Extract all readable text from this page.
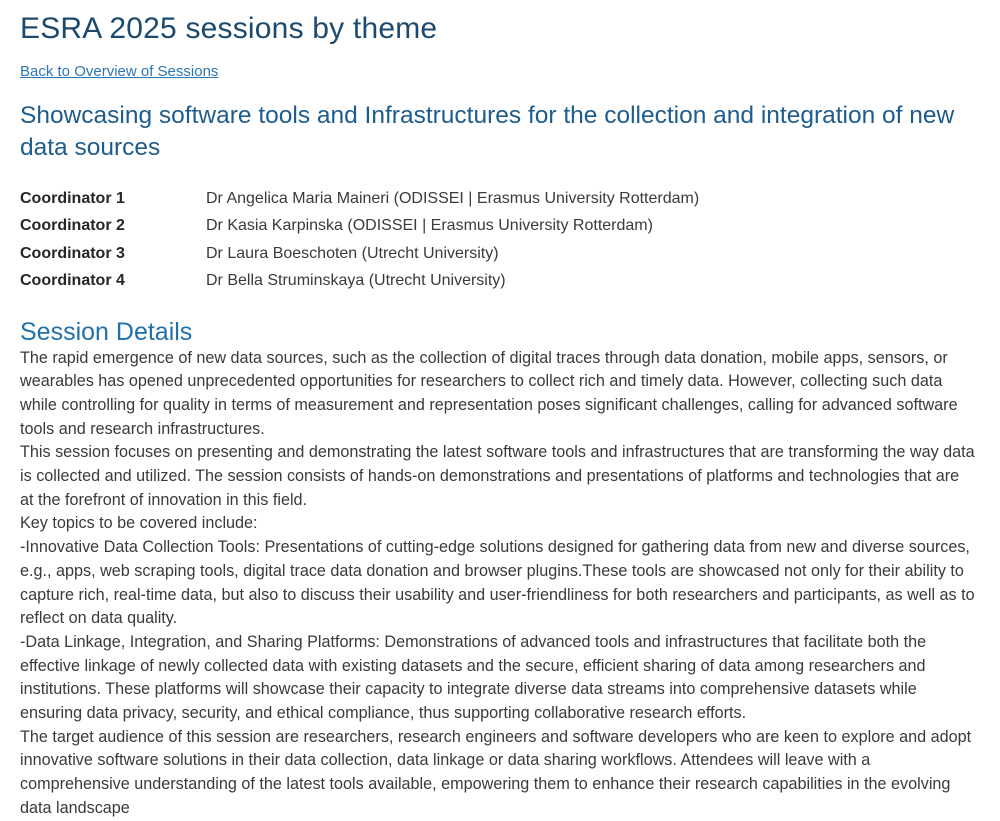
ESRA 2025 sessions by theme
Back to Overview of Sessions
Showcasing software tools and Infrastructures for the collection and integration of new data sources
Coordinator 1	Dr Angelica Maria Maineri (ODISSEI | Erasmus University Rotterdam)
Coordinator 2	Dr Kasia Karpinska (ODISSEI | Erasmus University Rotterdam)
Coordinator 3	Dr Laura Boeschoten (Utrecht University)
Coordinator 4	Dr Bella Struminskaya (Utrecht University)
Session Details

The rapid emergence of new data sources, such as the collection of digital traces through data donation, mobile apps, sensors, or wearables has opened unprecedented opportunities for researchers to collect rich and timely data. However, collecting such data while controlling for quality in terms of measurement and representation poses significant challenges, calling for advanced software tools and research infrastructures.

This session focuses on presenting and demonstrating the latest software tools and infrastructures that are transforming the way data is collected and utilized. The session consists of hands-on demonstrations and presentations of platforms and technologies that are at the forefront of innovation in this field.

Key topics to be covered include:

-Innovative Data Collection Tools: Presentations of cutting-edge solutions designed for gathering data from new and diverse sources, e.g., apps, web scraping tools, digital trace data donation and browser plugins.These tools are showcased not only for their ability to capture rich, real-time data, but also to discuss their usability and user-friendliness for both researchers and participants, as well as to reflect on data quality.

-Data Linkage, Integration, and Sharing Platforms: Demonstrations of advanced tools and infrastructures that facilitate both the effective linkage of newly collected data with existing datasets and the secure, efficient sharing of data among researchers and institutions. These platforms will showcase their capacity to integrate diverse data streams into comprehensive datasets while ensuring data privacy, security, and ethical compliance, thus supporting collaborative research efforts.

The target audience of this session are researchers, research engineers and software developers who are keen to explore and adopt innovative software solutions in their data collection, data linkage or data sharing workflows. Attendees will leave with a comprehensive understanding of the latest tools available, empowering them to enhance their research capabilities in the evolving data landscape
